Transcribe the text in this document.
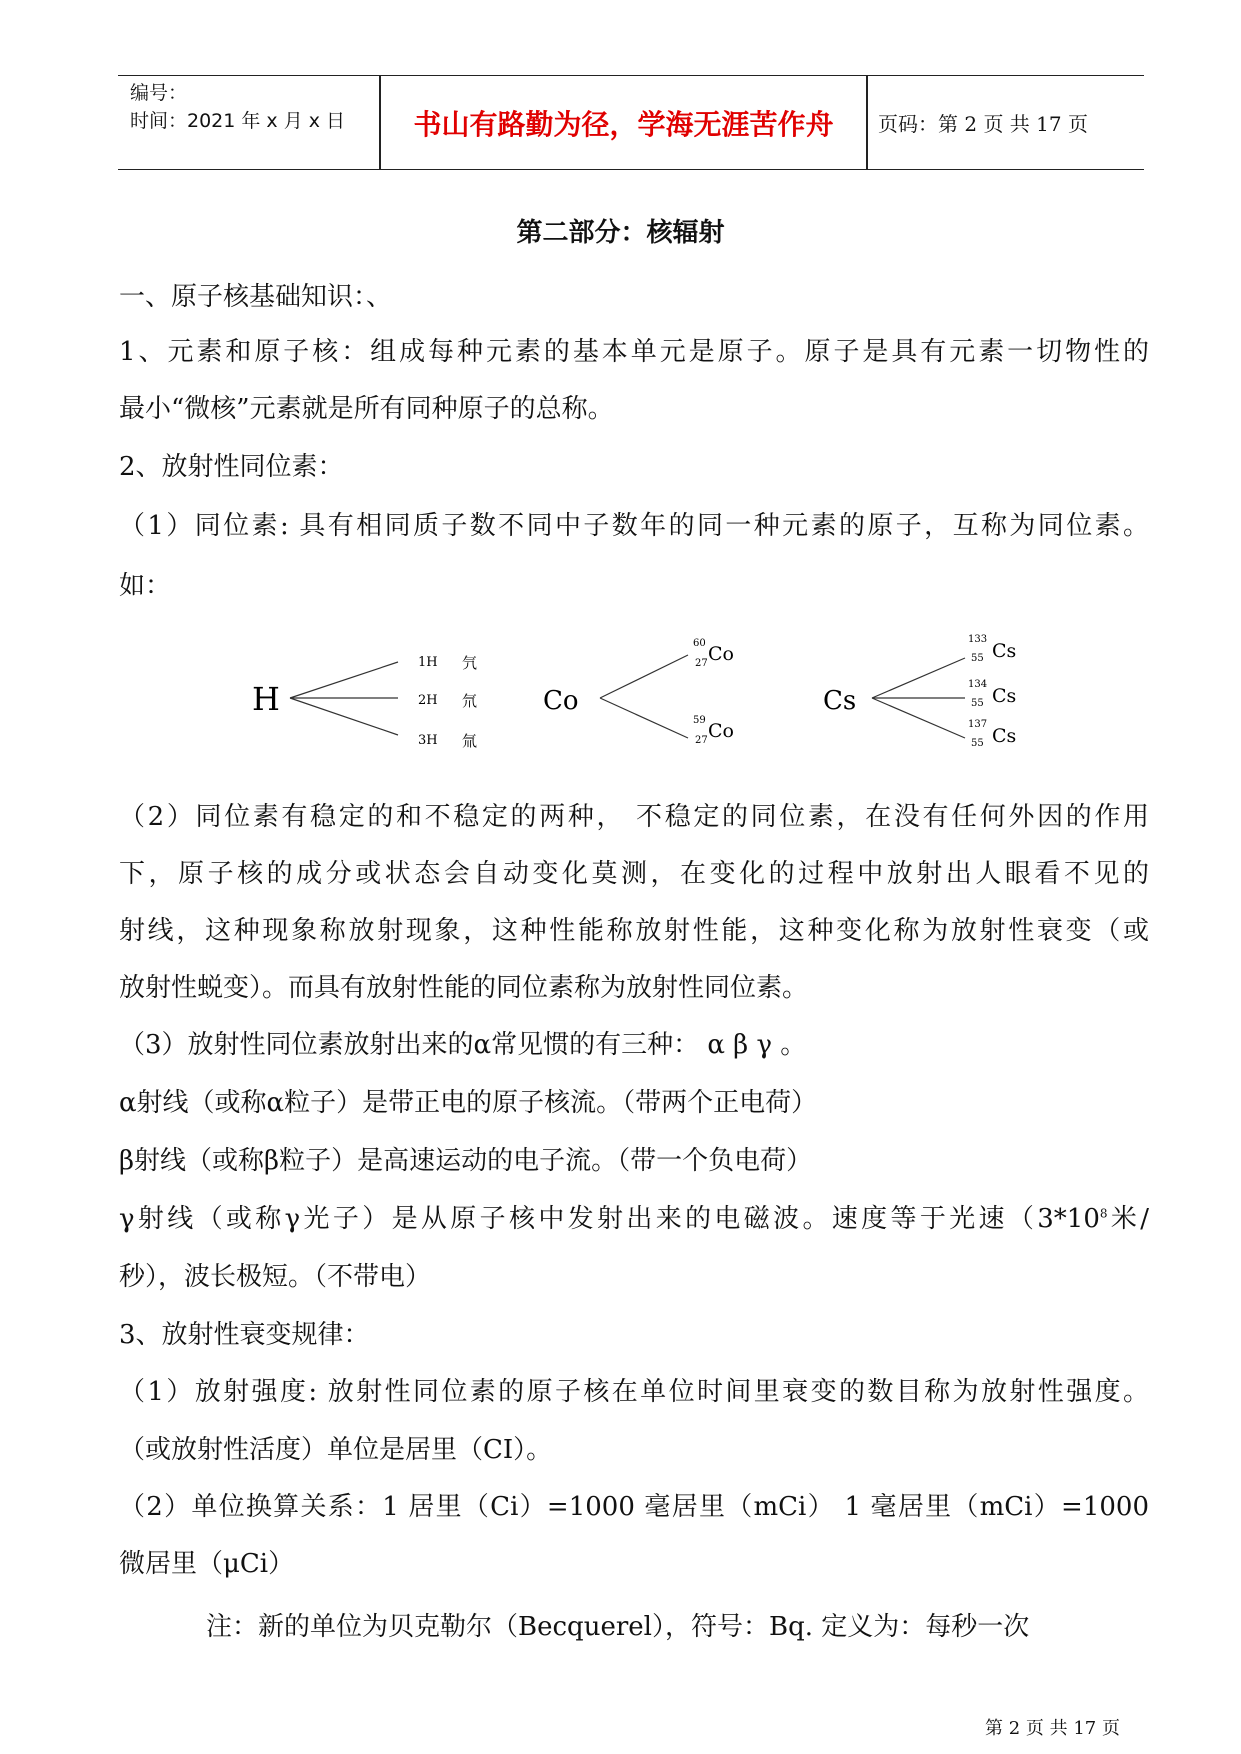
编号：
时间：2021 年 x 月 x 日	书山有路勤为径，学海无涯苦作舟	页码：第 2 页 共 17 页
第二部分：核辐射
一、原子核基础知识：、
1、元素和原子核：组成每种元素的基本单元是原子。原子是具有元素一切物性的
最小“微核”元素就是所有同种原子的总称。
2、放射性同位素：
（1）同位素: 具有相同质子数不同中子数年的同一种元素的原子，互称为同位素。
如：
H
1H 氕
2H 氘
3H 氚
Co
60
27 Co
59
27 Co
Cs
133
55 Cs
134
55 Cs
137
55 Cs
（2）同位素有稳定的和不稳定的两种， 不稳定的同位素，在没有任何外因的作用
下，原子核的成分或状态会自动变化莫测，在变化的过程中放射出人眼看不见的
射线，这种现象称放射现象，这种性能称放射性能，这种变化称为放射性衰变（或
放射性蜕变）。而具有放射性能的同位素称为放射性同位素。
（3）放射性同位素放射出来的α常见惯的有三种： α β γ 。
α射线（或称α粒子）是带正电的原子核流。（带两个正电荷）
β射线（或称β粒子）是高速运动的电子流。（带一个负电荷）
γ射线（或称γ光子）是从原子核中发射出来的电磁波。速度等于光速（$3*10^8$米/
秒），波长极短。（不带电）
3、放射性衰变规律：
（1）放射强度: 放射性同位素的原子核在单位时间里衰变的数目称为放射性强度。
（或放射性活度）单位是居里（CI）。
（2）单位换算关系：1 居里（Ci）=1000 毫居里（mCi） 1 毫居里（mCi）=1000
微居里（μCi）
注：新的单位为贝克勒尔（Becquerel），符号：Bq. 定义为：每秒一次
第 2 页 共 17 页
